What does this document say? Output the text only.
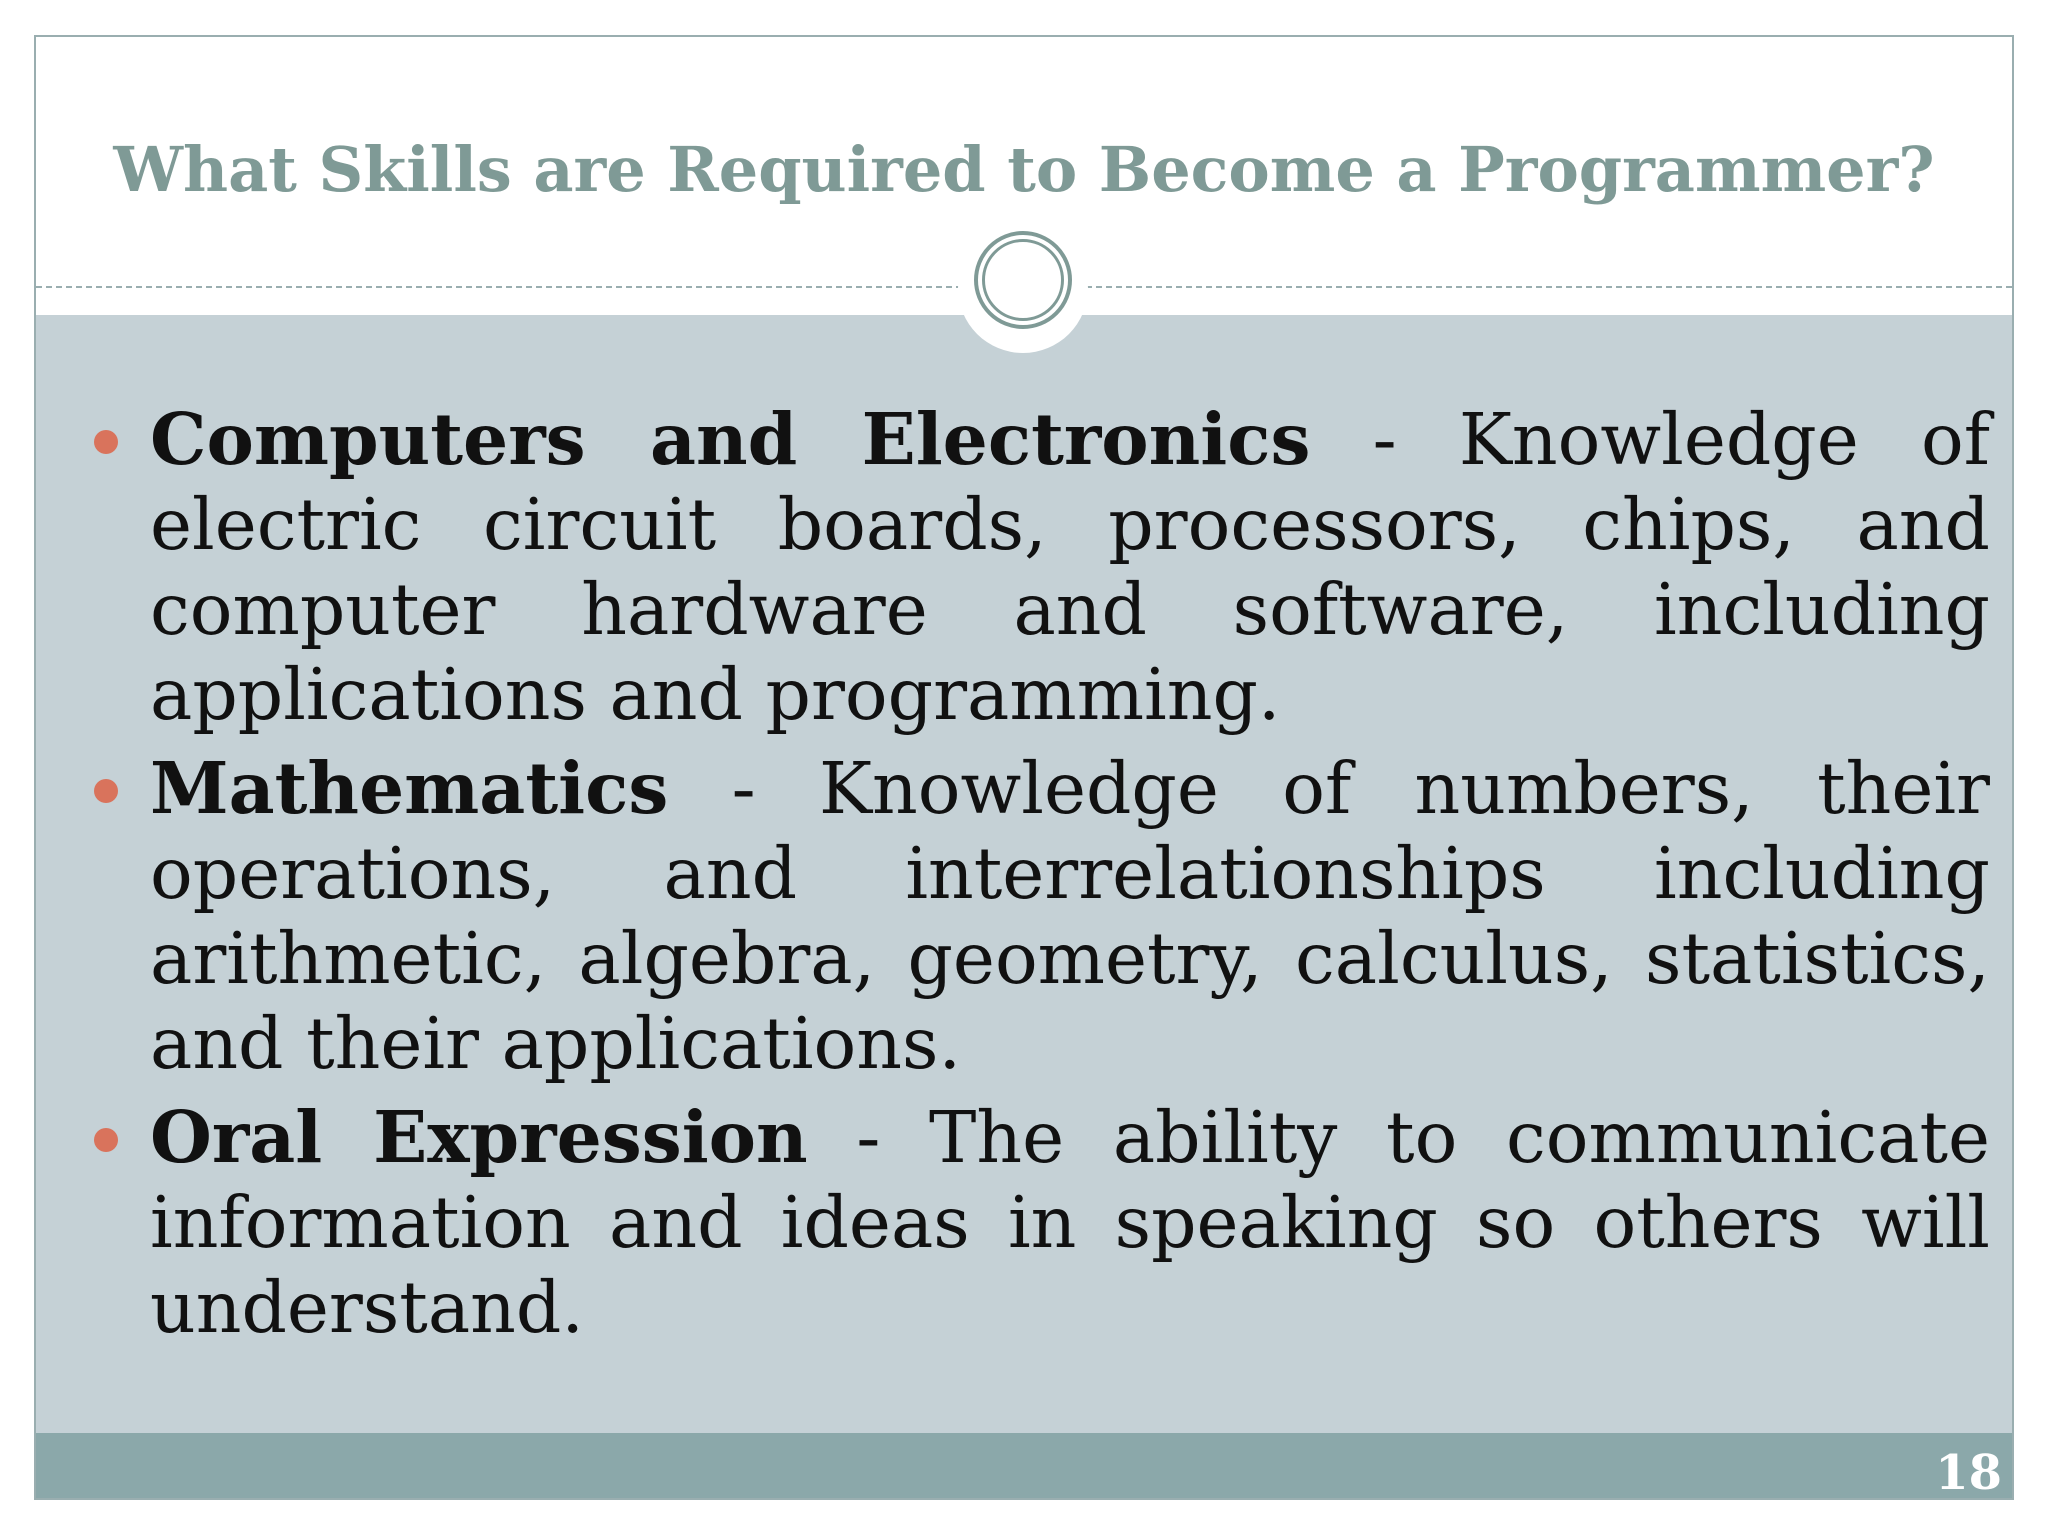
What Skills are Required to Become a Programmer?
Computers and Electronics - Knowledge of electric circuit boards, processors, chips, and computer hardware and software, including applications and programming.
Mathematics - Knowledge of numbers, their operations, and interrelationships including arithmetic, algebra, geometry, calculus, statistics, and their applications.
Oral Expression - The ability to communicate information and ideas in speaking so others will understand.
18
